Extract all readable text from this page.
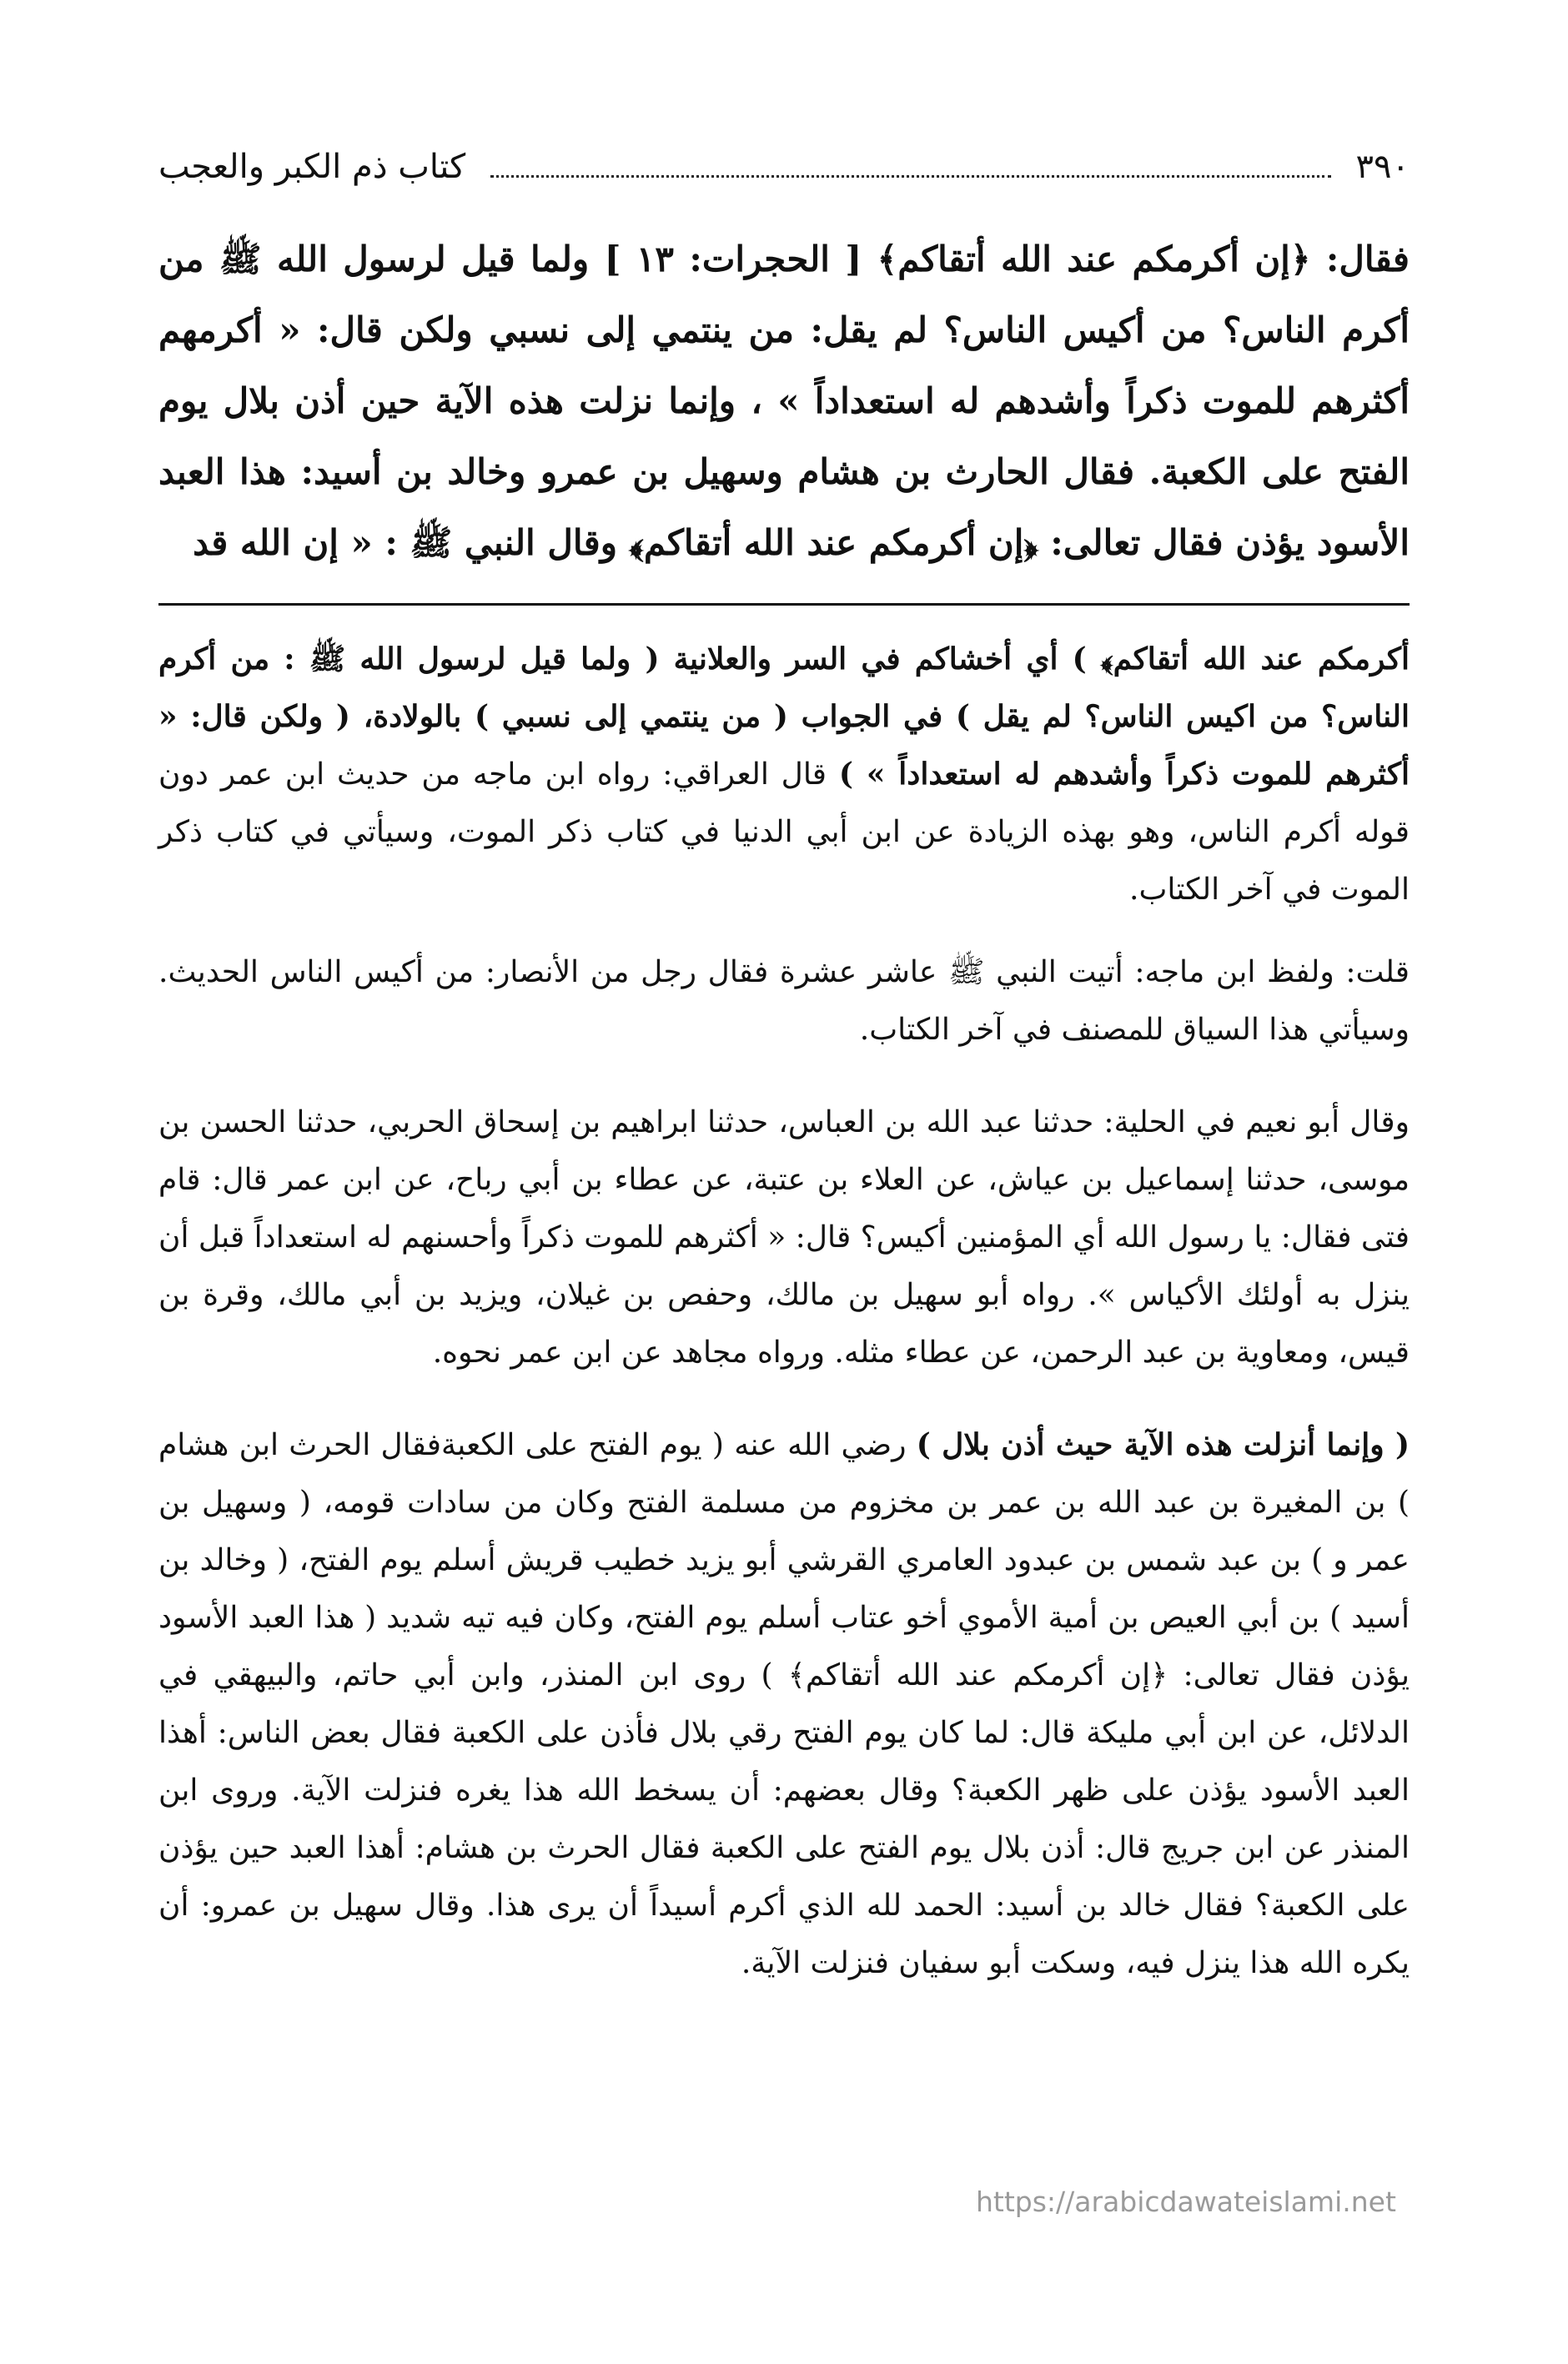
٣٩٠
كتاب ذم الكبر والعجب

فقال: ﴿إن أكرمكم عند الله أتقاكم﴾ [ الحجرات: ١٣ ] ولما قيل لرسول الله ﷺ من أكرم الناس؟ من أكيس الناس؟ لم يقل: من ينتمي إلى نسبي ولكن قال: « أكرمهم أكثرهم للموت ذكراً وأشدهم له استعداداً » ، وإنما نزلت هذه الآية حين أذن بلال يوم الفتح على الكعبة. فقال الحارث بن هشام وسهيل بن عمرو وخالد بن أسيد: هذا العبد الأسود يؤذن فقال تعالى: ﴿إن أكرمكم عند الله أتقاكم﴾ وقال النبي ﷺ : « إن الله قد

أكرمكم عند الله أتقاكم﴾ ) أي أخشاكم في السر والعلانية ( ولما قيل لرسول الله ﷺ : من أكرم الناس؟ من اكيس الناس؟ لم يقل ) في الجواب ( من ينتمي إلى نسبي ) بالولادة، ( ولكن قال: « أكثرهم للموت ذكراً وأشدهم له استعداداً » ) قال العراقي: رواه ابن ماجه من حديث ابن عمر دون قوله أكرم الناس، وهو بهذه الزيادة عن ابن أبي الدنيا في كتاب ذكر الموت، وسيأتي في كتاب ذكر الموت في آخر الكتاب.

قلت: ولفظ ابن ماجه: أتيت النبي ﷺ عاشر عشرة فقال رجل من الأنصار: من أكيس الناس الحديث. وسيأتي هذا السياق للمصنف في آخر الكتاب.

وقال أبو نعيم في الحلية: حدثنا عبد الله بن العباس، حدثنا ابراهيم بن إسحاق الحربي، حدثنا الحسن بن موسى، حدثنا إسماعيل بن عياش، عن العلاء بن عتبة، عن عطاء بن أبي رباح، عن ابن عمر قال: قام فتى فقال: يا رسول الله أي المؤمنين أكيس؟ قال: « أكثرهم للموت ذكراً وأحسنهم له استعداداً قبل أن ينزل به أولئك الأكياس ». رواه أبو سهيل بن مالك، وحفص بن غيلان، ويزيد بن أبي مالك، وقرة بن قيس، ومعاوية بن عبد الرحمن، عن عطاء مثله. ورواه مجاهد عن ابن عمر نحوه.

( وإنما أنزلت هذه الآية حيث أذن بلال ) رضي الله عنه ( يوم الفتح على الكعبةفقال الحرث ابن هشام ) بن المغيرة بن عبد الله بن عمر بن مخزوم من مسلمة الفتح وكان من سادات قومه، ( وسهيل بن عمر و ) بن عبد شمس بن عبدود العامري القرشي أبو يزيد خطيب قريش أسلم يوم الفتح، ( وخالد بن أسيد ) بن أبي العيص بن أمية الأموي أخو عتاب أسلم يوم الفتح، وكان فيه تيه شديد ( هذا العبد الأسود يؤذن فقال تعالى: ﴿إن أكرمكم عند الله أتقاكم﴾ ) روى ابن المنذر، وابن أبي حاتم، والبيهقي في الدلائل، عن ابن أبي مليكة قال: لما كان يوم الفتح رقي بلال فأذن على الكعبة فقال بعض الناس: أهذا العبد الأسود يؤذن على ظهر الكعبة؟ وقال بعضهم: أن يسخط الله هذا يغره فنزلت الآية. وروى ابن المنذر عن ابن جريج قال: أذن بلال يوم الفتح على الكعبة فقال الحرث بن هشام: أهذا العبد حين يؤذن على الكعبة؟ فقال خالد بن أسيد: الحمد لله الذي أكرم أسيداً أن يرى هذا. وقال سهيل بن عمرو: أن يكره الله هذا ينزل فيه، وسكت أبو سفيان فنزلت الآية.

https://arabicdawateislami.net
